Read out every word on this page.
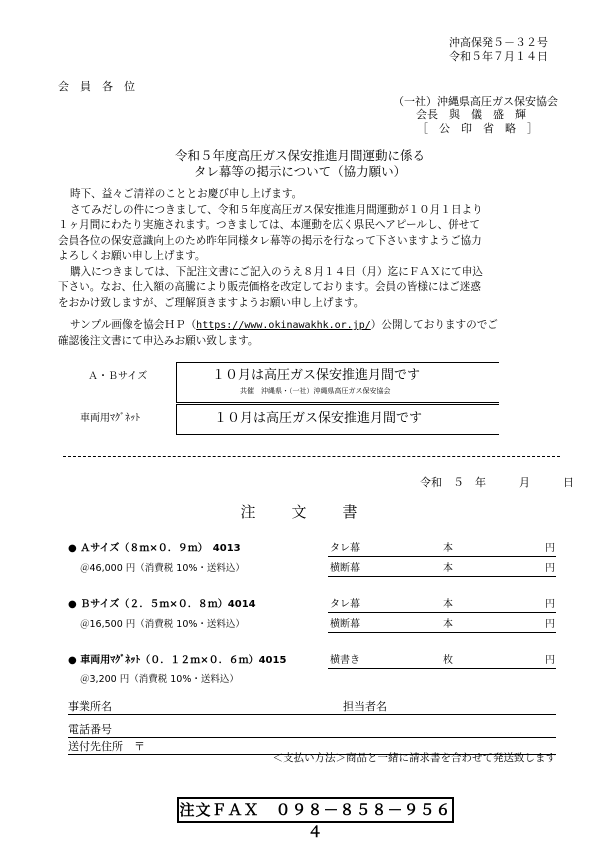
沖高保発５－３２号
令和５年７月１４日
会　員　各　位
（一社）沖縄県高圧ガス保安協会
会長　與　儀　盛　輝
［　公　印　省　略　］
令和５年度高圧ガス保安推進月間運動に係る
タレ幕等の掲示について（協力願い）

時下、益々ご清祥のこととお慶び申し上げます。

さてみだしの件につきまして、令和５年度高圧ガス保安推進月間運動が１０月１日より

１ヶ月間にわたり実施されます。つきましては、本運動を広く県民へアピールし、併せて

会員各位の保安意識向上のため昨年同様タレ幕等の掲示を行なって下さいますようご協力

よろしくお願い申し上げます。

購入につきましては、下記注文書にご記入のうえ８月１４日（月）迄にＦＡＸにて申込

下さい。なお、仕入額の高騰により販売価格を改定しております。会員の皆様にはご迷惑

をおかけ致しますが、ご理解頂きますようお願い申し上げます。

サンプル画像を協会ＨＰ（https://www.okinawakhk.or.jp/）公開しておりますのでご

確認後注文書にて申込みお願い致します。

Ａ・Ｂサイズ	１０月は高圧ガス保安推進月間です
共催　沖縄県・（一社）沖縄県高圧ガス保安協会
車両用ﾏｸﾞﾈｯﾄ	１０月は高圧ガス保安推進月間です
令和　５　年　　　月　　　日
注　　文　　書
● Ａサイズ（８ｍ×０．９ｍ）　4013
＠46,000 円（消費税 10%・送料込）
タレ幕	本	円
横断幕	本	円
● Ｂサイズ（２．５ｍ×０．８ｍ）4014
＠16,500 円（消費税 10%・送料込）
タレ幕	本	円
横断幕	本	円
● 車両用ﾏｸﾞﾈｯﾄ（０．１２ｍ×０．６ｍ）4015
＠3,200 円（消費税 10%・送料込）
横書き	枚	円
事業所名	担当者名
電話番号
送付先住所　〒
＜支払い方法＞商品と一緒に請求書を合わせて発送致します
注文ＦＡＸ　０９８－８５８－９５６４
